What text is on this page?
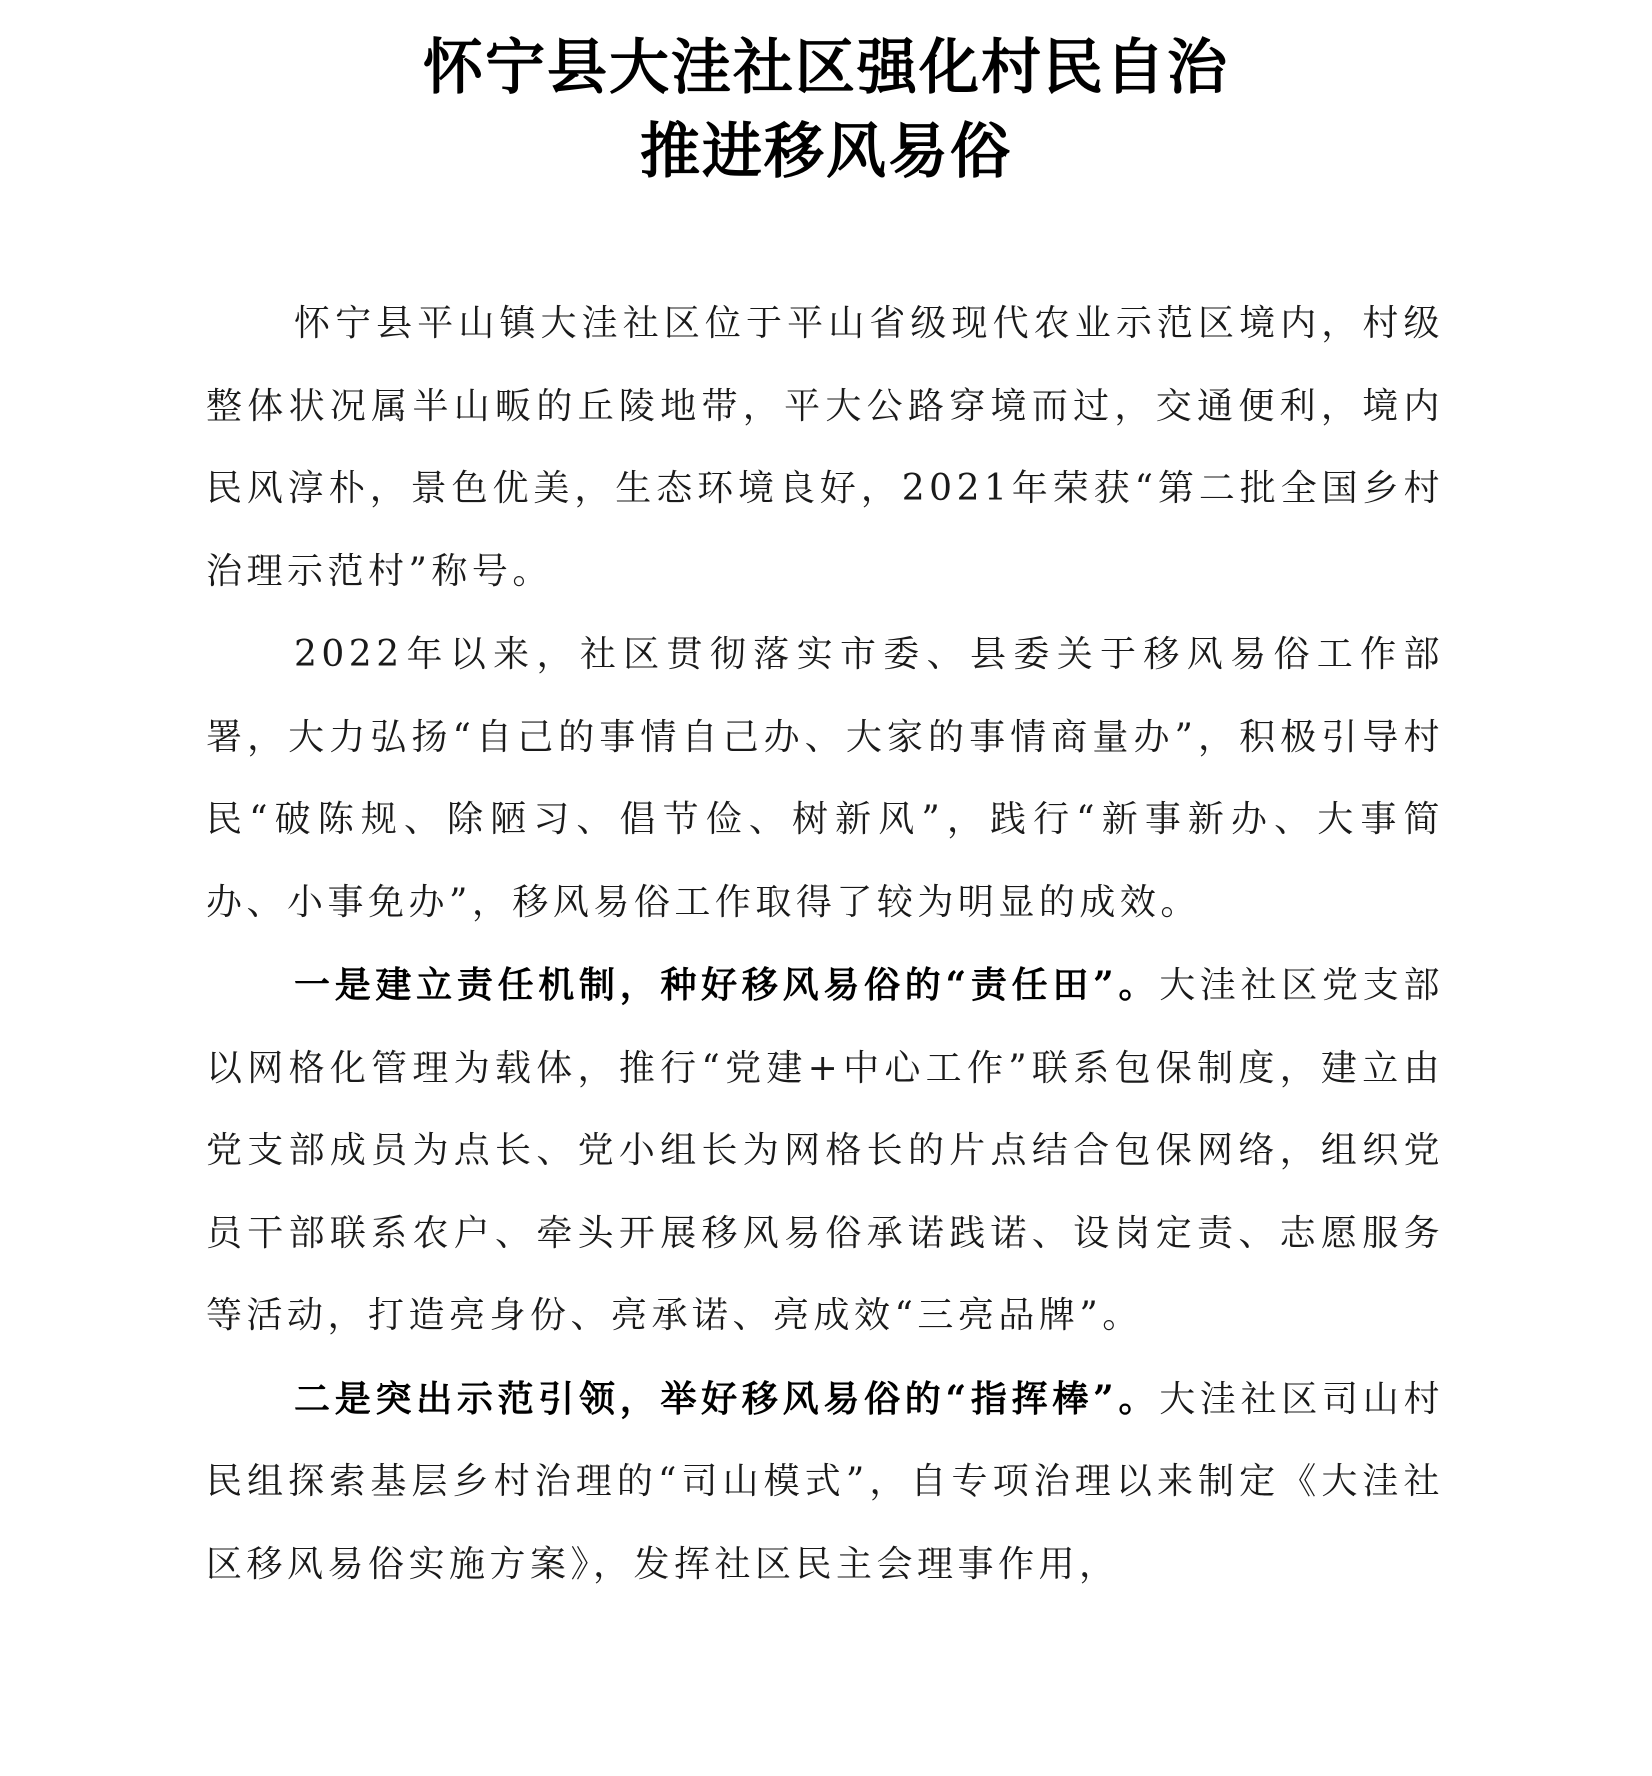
怀宁县大洼社区强化村民自治
推进移风易俗

怀宁县平山镇大洼社区位于平山省级现代农业示范区境内，村级整体状况属半山畈的丘陵地带，平大公路穿境而过，交通便利，境内民风淳朴，景色优美，生态环境良好，2021年荣获“第二批全国乡村治理示范村”称号。

2022年以来，社区贯彻落实市委、县委关于移风易俗工作部署，大力弘扬“自己的事情自己办、大家的事情商量办”，积极引导村民“破陈规、除陋习、倡节俭、树新风”，践行“新事新办、大事简办、小事免办”，移风易俗工作取得了较为明显的成效。

一是建立责任机制，种好移风易俗的“责任田”。大洼社区党支部以网格化管理为载体，推行“党建+中心工作”联系包保制度，建立由党支部成员为点长、党小组长为网格长的片点结合包保网络，组织党员干部联系农户、牵头开展移风易俗承诺践诺、设岗定责、志愿服务等活动，打造亮身份、亮承诺、亮成效“三亮品牌”。

二是突出示范引领，举好移风易俗的“指挥棒”。大洼社区司山村民组探索基层乡村治理的“司山模式”，自专项治理以来制定《大洼社区移风易俗实施方案》，发挥社区民主会理事作用，
